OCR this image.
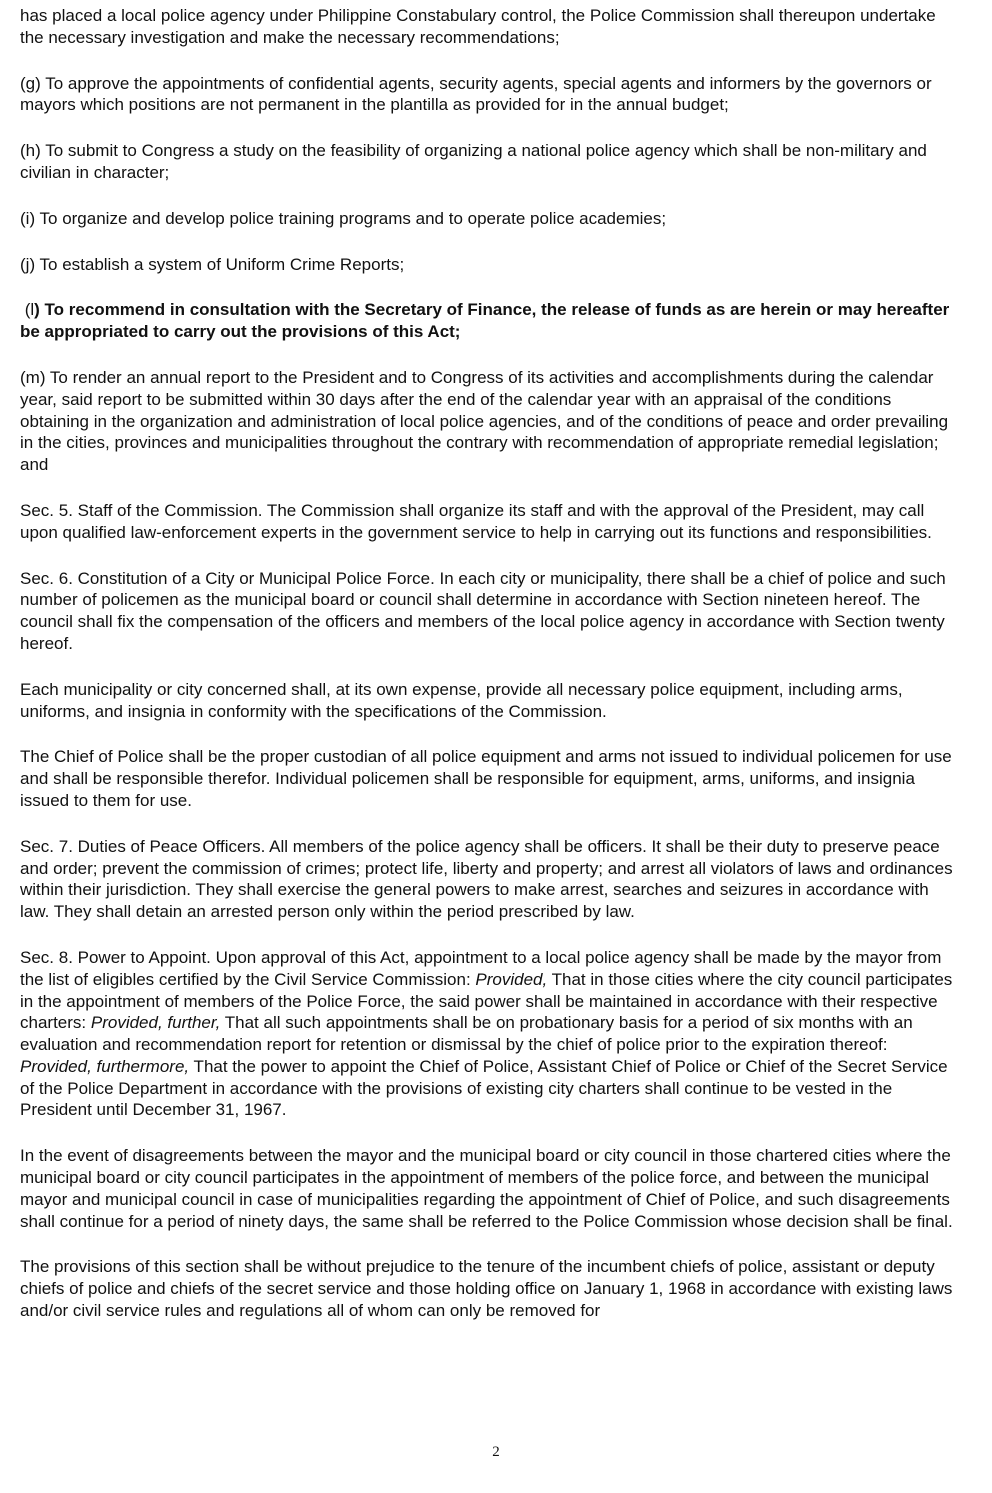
has placed a local police agency under Philippine Constabulary control, the Police Commission shall thereupon undertake the necessary investigation and make the necessary recommendations;

(g) To approve the appointments of confidential agents, security agents, special agents and informers by the governors or mayors which positions are not permanent in the plantilla as provided for in the annual budget;

(h) To submit to Congress a study on the feasibility of organizing a national police agency which shall be non-military and civilian in character;

(i) To organize and develop police training programs and to operate police academies;

(j) To establish a system of Uniform Crime Reports;

(l) To recommend in consultation with the Secretary of Finance, the release of funds as are herein or may hereafter be appropriated to carry out the provisions of this Act;

(m) To render an annual report to the President and to Congress of its activities and accomplishments during the calendar year, said report to be submitted within 30 days after the end of the calendar year with an appraisal of the conditions obtaining in the organization and administration of local police agencies, and of the conditions of peace and order prevailing in the cities, provinces and municipalities throughout the contrary with recommendation of appropriate remedial legislation; and

Sec. 5. Staff of the Commission. The Commission shall organize its staff and with the approval of the President, may call upon qualified law-enforcement experts in the government service to help in carrying out its functions and responsibilities.

Sec. 6. Constitution of a City or Municipal Police Force. In each city or municipality, there shall be a chief of police and such number of policemen as the municipal board or council shall determine in accordance with Section nineteen hereof. The council shall fix the compensation of the officers and members of the local police agency in accordance with Section twenty hereof.

Each municipality or city concerned shall, at its own expense, provide all necessary police equipment, including arms, uniforms, and insignia in conformity with the specifications of the Commission.

The Chief of Police shall be the proper custodian of all police equipment and arms not issued to individual policemen for use and shall be responsible therefor. Individual policemen shall be responsible for equipment, arms, uniforms, and insignia issued to them for use.

Sec. 7. Duties of Peace Officers. All members of the police agency shall be officers. It shall be their duty to preserve peace and order; prevent the commission of crimes; protect life, liberty and property; and arrest all violators of laws and ordinances within their jurisdiction. They shall exercise the general powers to make arrest, searches and seizures in accordance with law. They shall detain an arrested person only within the period prescribed by law.

Sec. 8. Power to Appoint. Upon approval of this Act, appointment to a local police agency shall be made by the mayor from the list of eligibles certified by the Civil Service Commission: Provided, That in those cities where the city council participates in the appointment of members of the Police Force, the said power shall be maintained in accordance with their respective charters: Provided, further, That all such appointments shall be on probationary basis for a period of six months with an evaluation and recommendation report for retention or dismissal by the chief of police prior to the expiration thereof: Provided, furthermore, That the power to appoint the Chief of Police, Assistant Chief of Police or Chief of the Secret Service of the Police Department in accordance with the provisions of existing city charters shall continue to be vested in the President until December 31, 1967.

In the event of disagreements between the mayor and the municipal board or city council in those chartered cities where the municipal board or city council participates in the appointment of members of the police force, and between the municipal mayor and municipal council in case of municipalities regarding the appointment of Chief of Police, and such disagreements shall continue for a period of ninety days, the same shall be referred to the Police Commission whose decision shall be final.

The provisions of this section shall be without prejudice to the tenure of the incumbent chiefs of police, assistant or deputy chiefs of police and chiefs of the secret service and those holding office on January 1, 1968 in accordance with existing laws and/or civil service rules and regulations all of whom can only be removed for

2
